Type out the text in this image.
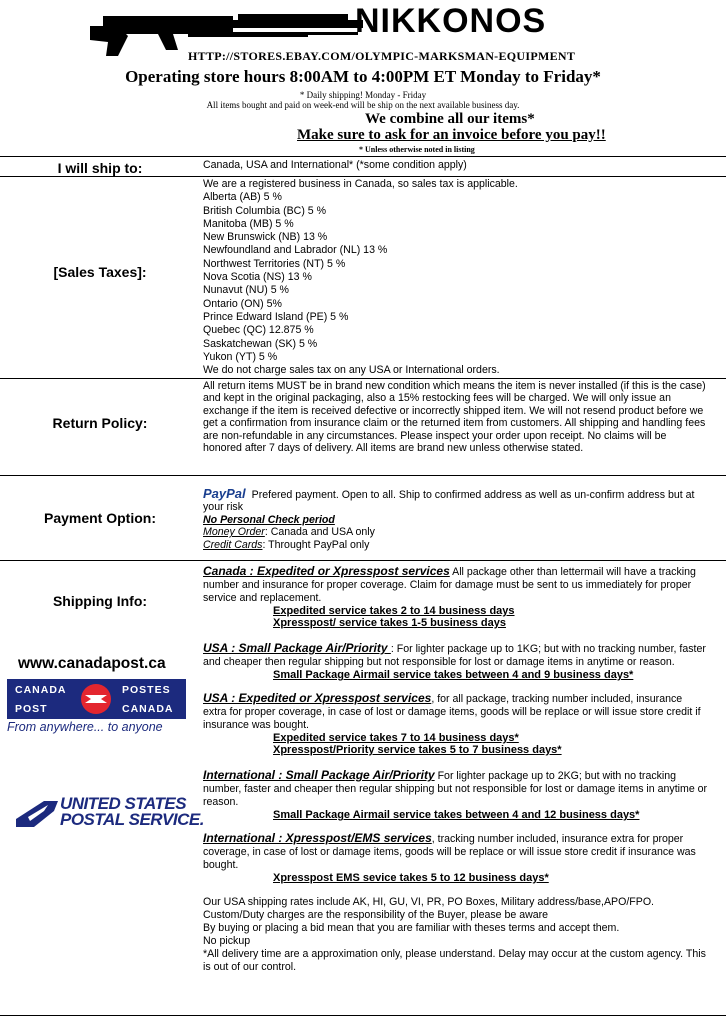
NIKKONOS
HTTP://STORES.EBAY.COM/OLYMPIC-MARKSMAN-EQUIPMENT
Operating store hours 8:00AM to 4:00PM ET Monday to Friday*
* Daily shipping! Monday - Friday
All items bought and paid on week-end will be ship on the next available business day.
We combine all our items*
Make sure to ask for an invoice before you pay!!
* Unless otherwise noted in listing
I will ship to:	Canada, USA and International* (*some condition apply)
[Sales Taxes]:
We are a registered business in Canada, so sales tax is applicable.
Alberta (AB) 5 %
British Columbia (BC) 5 %
Manitoba (MB) 5 %
New Brunswick (NB) 13 %
Newfoundland and Labrador (NL) 13 %
Northwest Territories (NT) 5 %
Nova Scotia (NS) 13 %
Nunavut (NU) 5 %
Ontario (ON) 5%
Prince Edward Island (PE) 5 %
Quebec (QC) 12.875 %
Saskatchewan (SK) 5 %
Yukon (YT) 5 %
We do not charge sales tax on any USA or International orders.
Return Policy:
All return items MUST be in brand new condition which means the item is never installed (if this is the case) and kept in the original packaging, also a 15% restocking fees will be charged. We will only issue an exchange if the item is received defective or incorrectly shipped item. We will not resend product before we get a confirmation from insurance claim or the returned item from customers. All shipping and handling fees are non-refundable in any circumstances. Please inspect your order upon receipt. No claims will be honored after 7 days of delivery. All items are brand new unless otherwise stated.
Payment Option:
PayPal Prefered payment. Open to all. Ship to confirmed address as well as un-confirm address but at your risk
No Personal Check period
Money Order: Canada and USA only
Credit Cards: Throught PayPal only
Shipping Info:
www.canadapost.ca
CANADA	POSTES
POST	CANADA
From anywhere... to anyone
UNITED STATES
POSTAL SERVICE.
Canada : Expedited or Xpresspost services All package other than lettermail will have a tracking number and insurance for proper coverage. Claim for damage must be sent to us immediately for proper service and replacement.
Expedited service takes 2 to 14 business days
Xpresspost/ service takes 1-5 business days
USA : Small Package Air/Priority : For lighter package up to 1KG; but with no tracking number, faster and cheaper then regular shipping but not responsible for lost or damage items in anytime or reason.
Small Package Airmail service takes between 4 and 9 business days*
USA : Expedited or Xpresspost services, for all package, tracking number included, insurance extra for proper coverage, in case of lost or damage items, goods will be replace or will issue store credit if insurance was bought.
Expedited service takes 7 to 14 business days*
Xpresspost/Priority service takes 5 to 7 business days*
International : Small Package Air/Priority For lighter package up to 2KG; but with no tracking number, faster and cheaper then regular shipping but not responsible for lost or damage items in anytime or reason.
Small Package Airmail service takes between 4 and 12 business days*
International : Xpresspost/EMS services, tracking number included, insurance extra for proper coverage, in case of lost or damage items, goods will be replace or will issue store credit if insurance was bought.
Xpresspost EMS sevice takes 5 to 12 business days*
Our USA shipping rates include AK, HI, GU, VI, PR, PO Boxes, Military address/base,APO/FPO.
Custom/Duty charges are the responsibility of the Buyer, please be aware
By buying or placing a bid mean that you are familiar with theses terms and accept them.
No pickup
*All delivery time are a approximation only, please understand. Delay may occur at the custom agency. This is out of our control.
